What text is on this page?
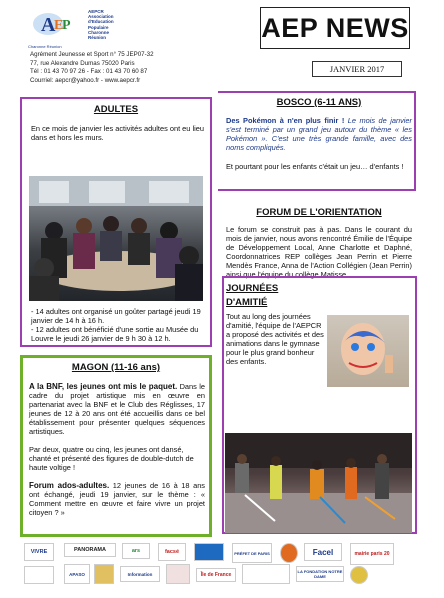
A
E
P
Charonne Réunion
AEPCR
Association
d'Education
Populaire
Charonne
Réunion
Agrément Jeunesse et Sport n° 75 JEP07-32
77, rue Alexandre Dumas 75020 Paris
Tél : 01 43 70 97 26 - Fax : 01 43 70 60 87
Courriel: aepcr@yahoo.fr - www.aepcr.fr
AEP NEWS
JANVIER 2017
ADULTES
En ce mois de janvier les activités adultes ont eu lieu dans et hors les murs.
- 14 adultes ont organisé un goûter partagé jeudi 19 janvier de 14 h à 16 h.
- 12 adultes ont bénéficié d'une sortie au Musée du Louvre le jeudi 26 janvier de 9 h 30 à 12 h.
BOSCO (6-11 ANS)
Des Pokémon à n'en plus finir ! Le mois de janvier s'est terminé par un grand jeu autour du thème « les Pokémon ». C'est une très grande famille, avec des noms compliqués.
Et pourtant pour les enfants c'était un jeu… d'enfants !
FORUM DE L'ORIENTATION
Le forum se construit pas à pas. Dans le courant du mois de janvier, nous avons rencontré Émilie de l'Équipe de Développement Local, Anne Charlotte et Daphné, Coordonnatrices REP collèges Jean Perrin et Pierre Mendès France, Anna de l'Action Collégien (Jean Perrin) ainsi que l'équipe du collège Matisse.
JOURNÉES
D'AMITIÉ
Tout au long des journées d'amitié, l'équipe de l'AEPCR a proposé des activités et des animations dans le gymnase pour le plus grand bonheur des enfants.
MAGON (11-16 ans)
A la BNF, les jeunes ont mis le paquet. Dans le cadre du projet artistique mis en œuvre en partenariat avec la BNF et le Club des Réglisses, 17 jeunes de 12 à 20 ans ont été accueillis dans ce bel établissement pour présenter quelques séquences artistiques.
Par deux, quatre ou cinq, les jeunes ont dansé, chanté et présenté des figures de double-dutch de haute voltige !
Forum ados-adultes. 12 jeunes de 16 à 18 ans ont échangé, jeudi 19 janvier, sur le thème : « Comment mettre en œuvre et faire vivre un projet citoyen ? »
VIVRE	PANORAMA	ars	facsé	PRÉFET DE PARIS	Facel	mairie paris 20
APASO	Information	Île de France
LA FONDATION NOTRE DAME
